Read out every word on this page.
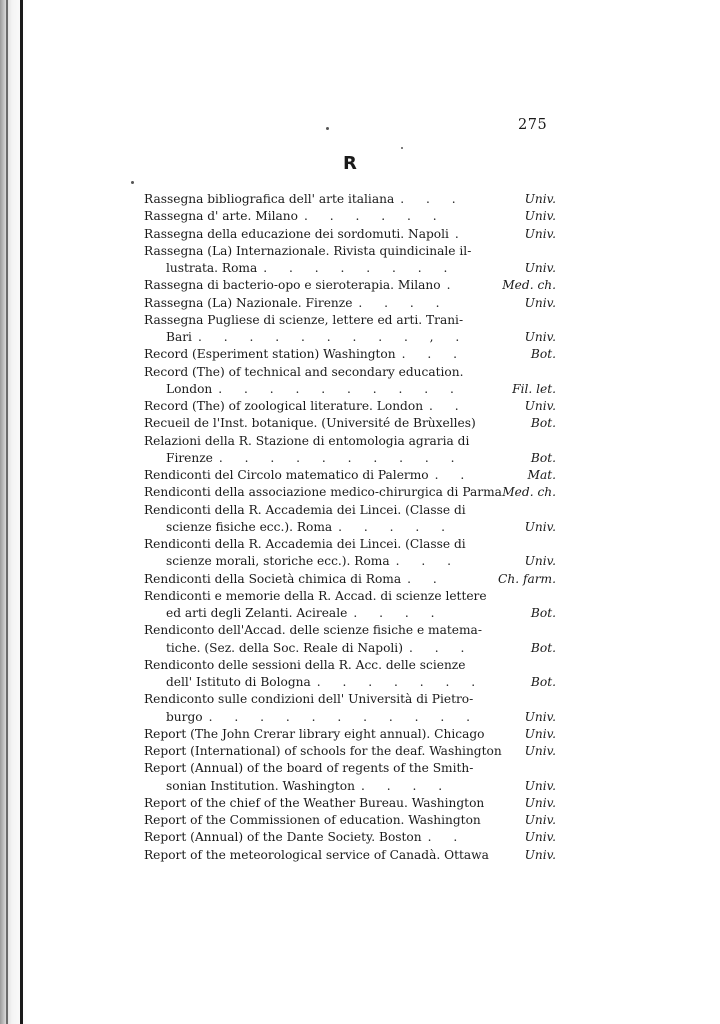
275
R
Rassegna bibliografica dell' arte italiana . . .	Univ.
Rassegna d' arte. Milano . . . . . .	Univ.
Rassegna della educazione dei sordomuti. Napoli .	Univ.
Rassegna (La) Internazionale. Rivista quindicinale il-
lustrata. Roma . . . . . . . .	Univ.
Rassegna di bacterio-opo e sieroterapia. Milano .	Med. ch.
Rassegna (La) Nazionale. Firenze . . . .	Univ.
Rassegna Pugliese di scienze, lettere ed arti. Trani-
Bari . . . . . . . . . , .	Univ.
Record (Esperiment station) Washington . . .	Bot.
Record (The) of technical and secondary education.
London . . . . . . . . . .	Fil. let.
Record (The) of zoological literature. London . .	Univ.
Recueil de l'Inst. botanique. (Université de Brùxelles)	Bot.
Relazioni della R. Stazione di entomologia agraria di
Firenze . . . . . . . . . .	Bot.
Rendiconti del Circolo matematico di Palermo . .	Mat.
Rendiconti della associazione medico-chirurgica di Parma Med. ch.
Rendiconti della R. Accademia dei Lincei. (Classe di
scienze fisiche ecc.). Roma . . . . .	Univ.
Rendiconti della R. Accademia dei Lincei. (Classe di
scienze morali, storiche ecc.). Roma . . .	Univ.
Rendiconti della Società chimica di Roma . .	Ch. farm.
Rendiconti e memorie della R. Accad. di scienze lettere
ed arti degli Zelanti. Acireale . . . .	Bot.
Rendiconto dell'Accad. delle scienze fisiche e matema-
tiche. (Sez. della Soc. Reale di Napoli) . . .	Bot.
Rendiconto delle sessioni della R. Acc. delle scienze
dell' Istituto di Bologna . . . . . . .	Bot.
Rendiconto sulle condizioni dell' Università di Pietro-
burgo . . . . . . . . . . .	Univ.
Report (The John Crerar library eight annual). Chicago	Univ.
Report (International) of schools for the deaf. Washington Univ.
Report (Annual) of the board of regents of the Smith-
sonian Institution. Washington . . . .	Univ.
Report of the chief of the Weather Bureau. Washington	Univ.
Report of the Commissionen of education. Washington	Univ.
Report (Annual) of the Dante Society. Boston . .	Univ.
Report of the meteorological service of Canadà. Ottawa	Univ.
